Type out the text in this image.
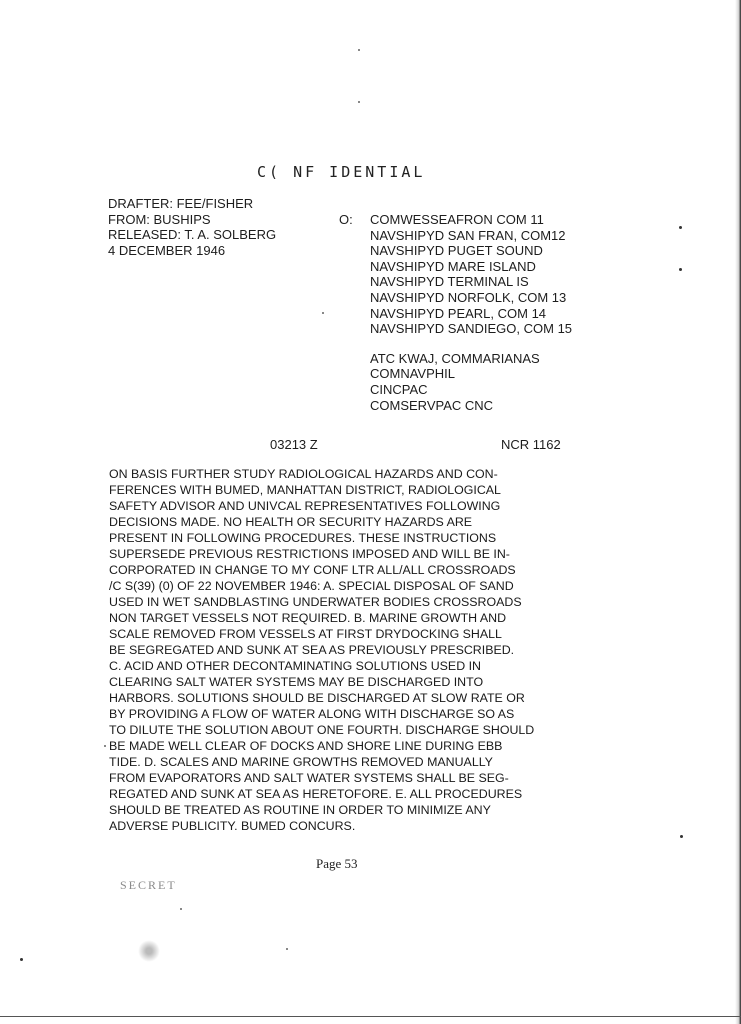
C( NF IDENTIAL
DRAFTER: FEE/FISHER
FROM: BUSHIPS
RELEASED: T. A. SOLBERG
4 DECEMBER 1946
O: COMWESSEAFRON COM 11
NAVSHIPYD SAN FRAN, COM12
NAVSHIPYD PUGET SOUND
NAVSHIPYD MARE ISLAND
NAVSHIPYD TERMINAL IS
NAVSHIPYD NORFOLK, COM 13
NAVSHIPYD PEARL, COM 14
NAVSHIPYD SANDIEGO, COM 15
ATC KWAJ, COMMARIANAS
COMNAVPHIL
CINCPAC
COMSERVPAC CNC
03213 Z	NCR 1162
ON BASIS FURTHER STUDY RADIOLOGICAL HAZARDS AND CON-
FERENCES WITH BUMED, MANHATTAN DISTRICT, RADIOLOGICAL
SAFETY ADVISOR AND UNIVCAL REPRESENTATIVES FOLLOWING
DECISIONS MADE. NO HEALTH OR SECURITY HAZARDS ARE
PRESENT IN FOLLOWING PROCEDURES. THESE INSTRUCTIONS
SUPERSEDE PREVIOUS RESTRICTIONS IMPOSED AND WILL BE IN-
CORPORATED IN CHANGE TO MY CONF LTR ALL/ALL CROSSROADS
/C S(39) (0) OF 22 NOVEMBER 1946: A. SPECIAL DISPOSAL OF SAND
USED IN WET SANDBLASTING UNDERWATER BODIES CROSSROADS
NON TARGET VESSELS NOT REQUIRED. B. MARINE GROWTH AND
SCALE REMOVED FROM VESSELS AT FIRST DRYDOCKING SHALL
BE SEGREGATED AND SUNK AT SEA AS PREVIOUSLY PRESCRIBED.
C. ACID AND OTHER DECONTAMINATING SOLUTIONS USED IN
CLEARING SALT WATER SYSTEMS MAY BE DISCHARGED INTO
HARBORS. SOLUTIONS SHOULD BE DISCHARGED AT SLOW RATE OR
BY PROVIDING A FLOW OF WATER ALONG WITH DISCHARGE SO AS
TO DILUTE THE SOLUTION ABOUT ONE FOURTH. DISCHARGE SHOULD
BE MADE WELL CLEAR OF DOCKS AND SHORE LINE DURING EBB
TIDE. D. SCALES AND MARINE GROWTHS REMOVED MANUALLY
FROM EVAPORATORS AND SALT WATER SYSTEMS SHALL BE SEG-
REGATED AND SUNK AT SEA AS HERETOFORE. E. ALL PROCEDURES
SHOULD BE TREATED AS ROUTINE IN ORDER TO MINIMIZE ANY
ADVERSE PUBLICITY. BUMED CONCURS.
Page 53
SECRET
